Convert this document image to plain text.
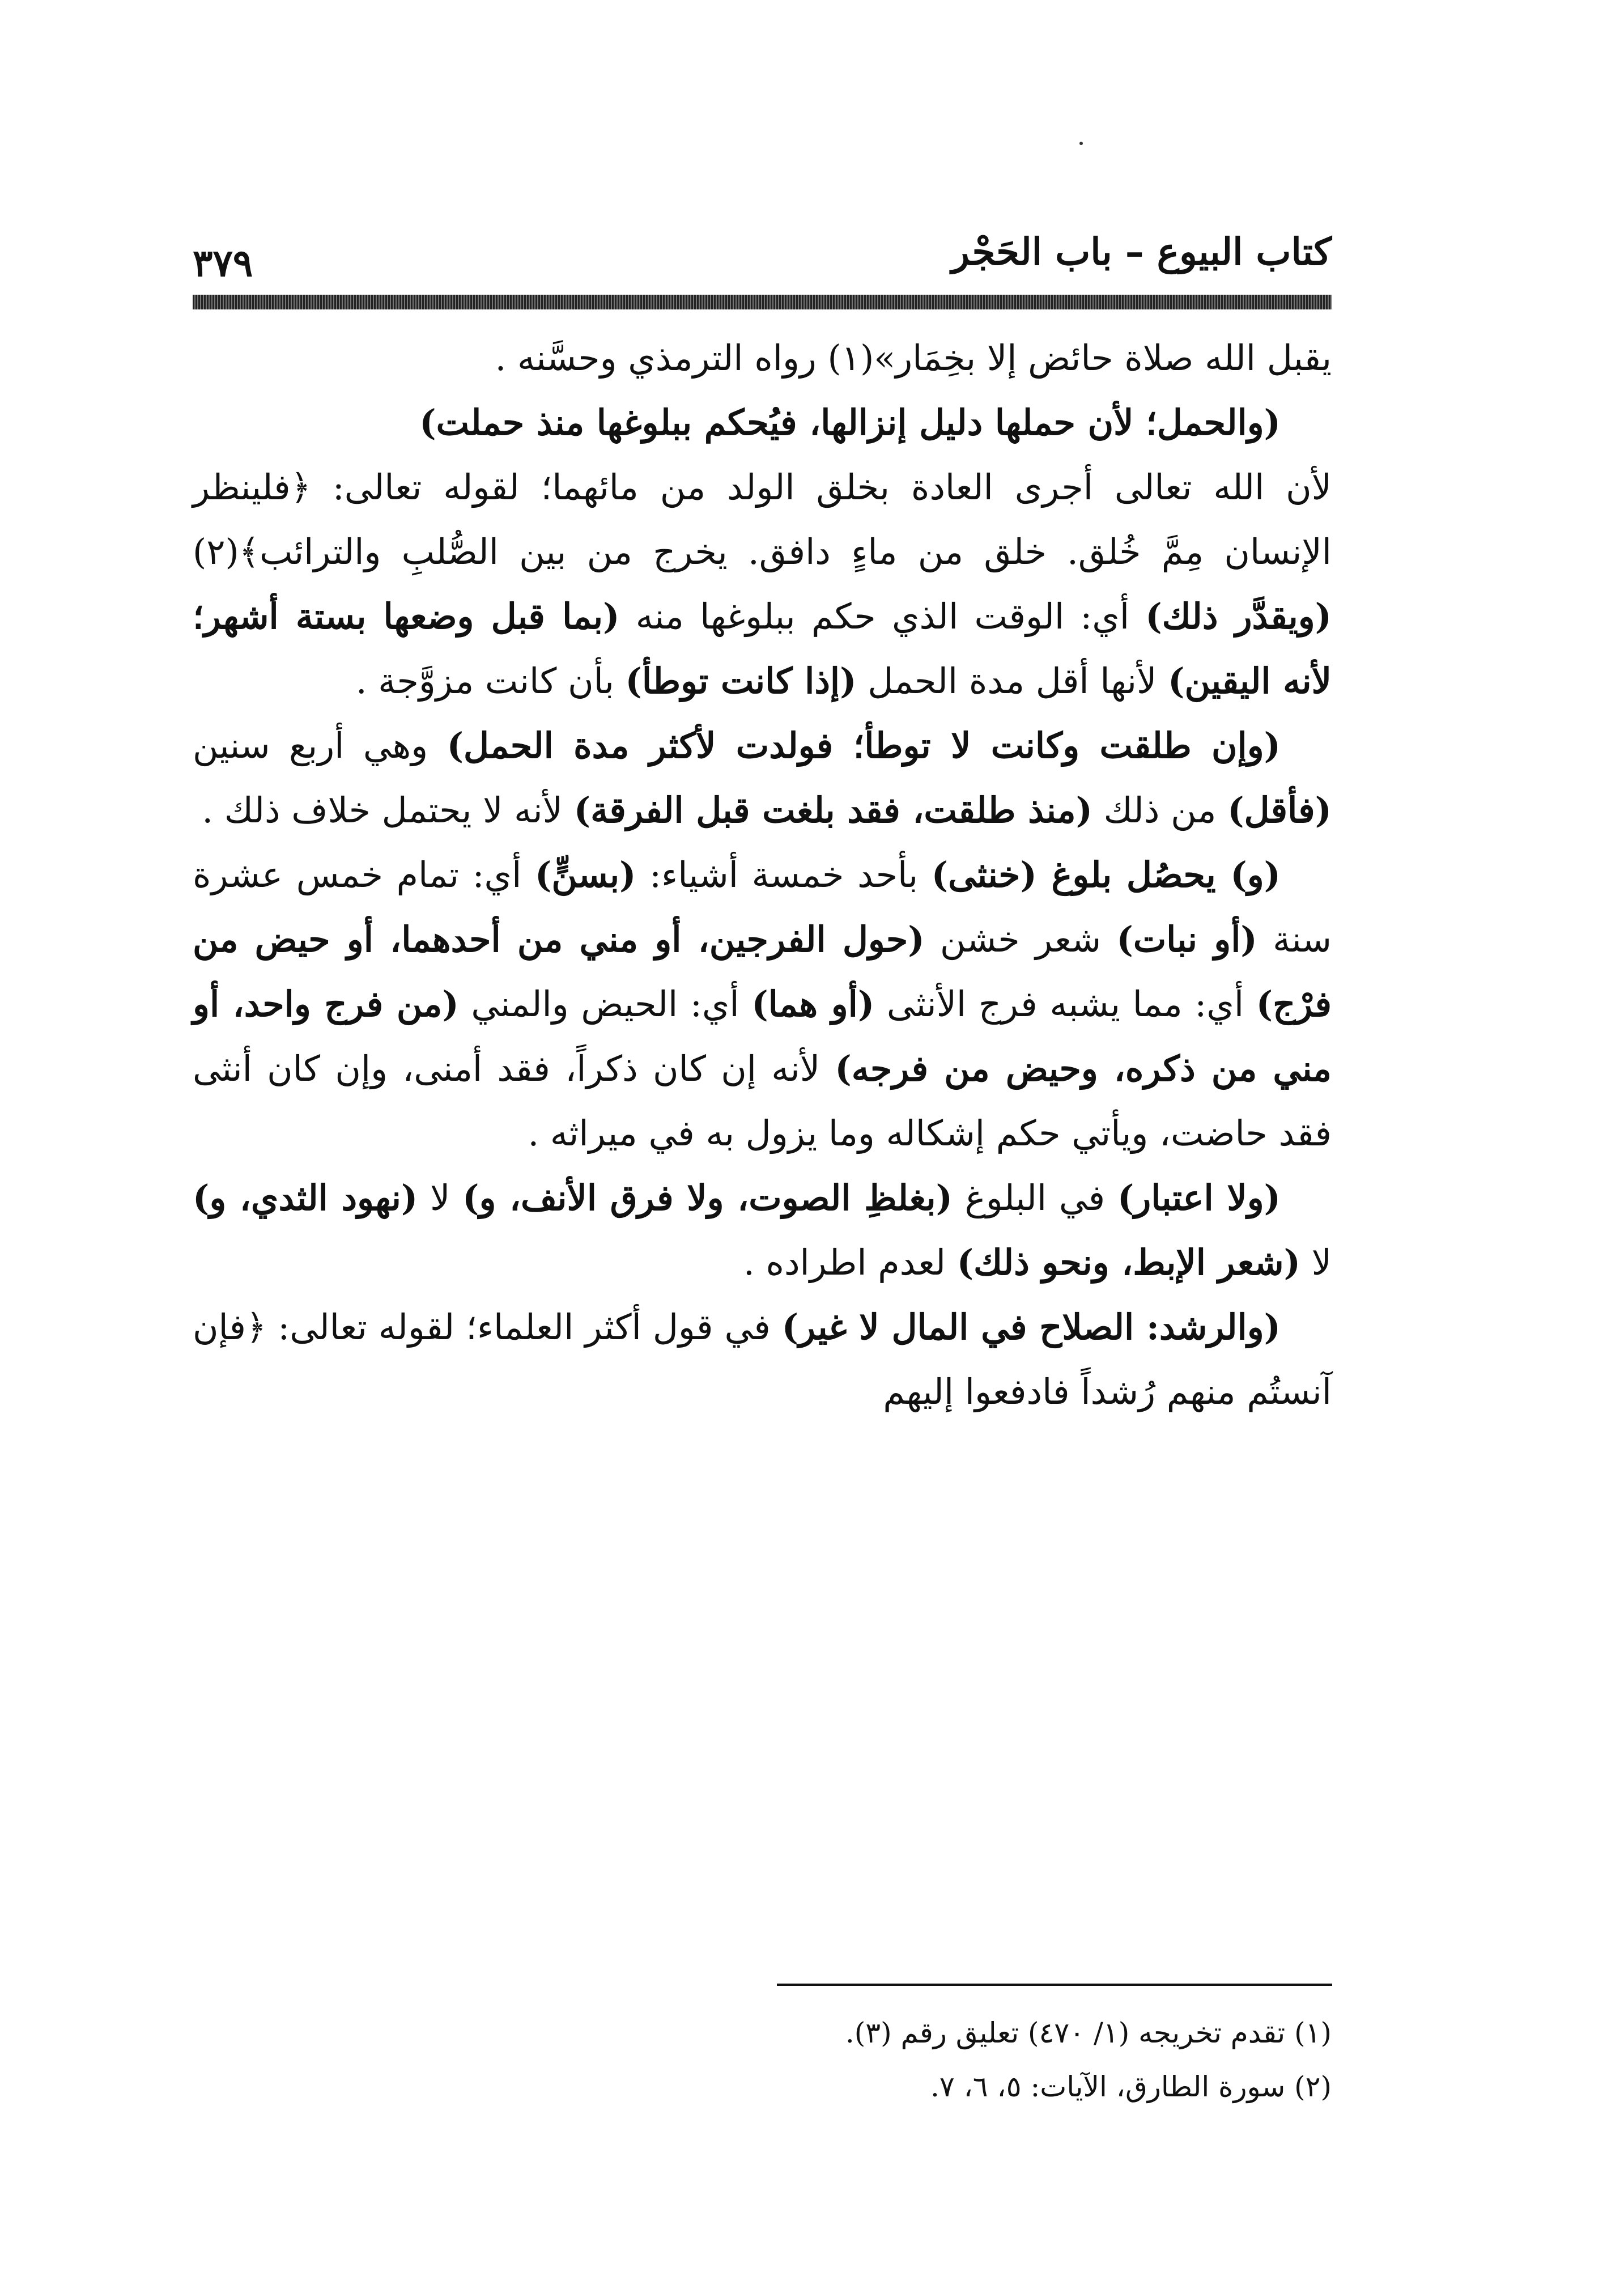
كتاب البيوع – باب الحَجْر
٣٧٩

يقبل الله صلاة حائض إلا بخِمَار»(١) رواه الترمذي وحسَّنه .

(والحمل؛ لأن حملها دليل إنزالها، فيُحكم ببلوغها منذ حملت)

لأن الله تعالى أجرى العادة بخلق الولد من مائهما؛ لقوله تعالى: ﴿فلينظر الإنسان مِمَّ خُلق. خلق من ماءٍ دافق. يخرج من بين الصُّلبِ والترائب﴾(٢) (ويقدَّر ذلك) أي: الوقت الذي حكم ببلوغها منه (بما قبل وضعها بستة أشهر؛ لأنه اليقين) لأنها أقل مدة الحمل (إذا كانت توطأ) بأن كانت مزوَّجة .

(وإن طلقت وكانت لا توطأ؛ فولدت لأكثر مدة الحمل) وهي أربع سنين (فأقل) من ذلك (منذ طلقت، فقد بلغت قبل الفرقة) لأنه لا يحتمل خلاف ذلك .

(و) يحصُل بلوغ (خنثى) بأحد خمسة أشياء: (بسنٍّ) أي: تمام خمس عشرة سنة (أو نبات) شعر خشن (حول الفرجين، أو مني من أحدهما، أو حيض من فرْج) أي: مما يشبه فرج الأنثى (أو هما) أي: الحيض والمني (من فرج واحد، أو مني من ذكره، وحيض من فرجه) لأنه إن كان ذكراً، فقد أمنى، وإن كان أنثى فقد حاضت، ويأتي حكم إشكاله وما يزول به في ميراثه .

(ولا اعتبار) في البلوغ (بغلظِ الصوت، ولا فرق الأنف، و) لا (نهود الثدي، و) لا (شعر الإبط، ونحو ذلك) لعدم اطراده .

(والرشد: الصلاح في المال لا غير) في قول أكثر العلماء؛ لقوله تعالى: ﴿فإن آنستُم منهم رُشداً فادفعوا إليهم

(١) تقدم تخريجه (١/ ٤٧٠) تعليق رقم (٣).

(٢) سورة الطارق، الآيات: ٥، ٦، ٧.
